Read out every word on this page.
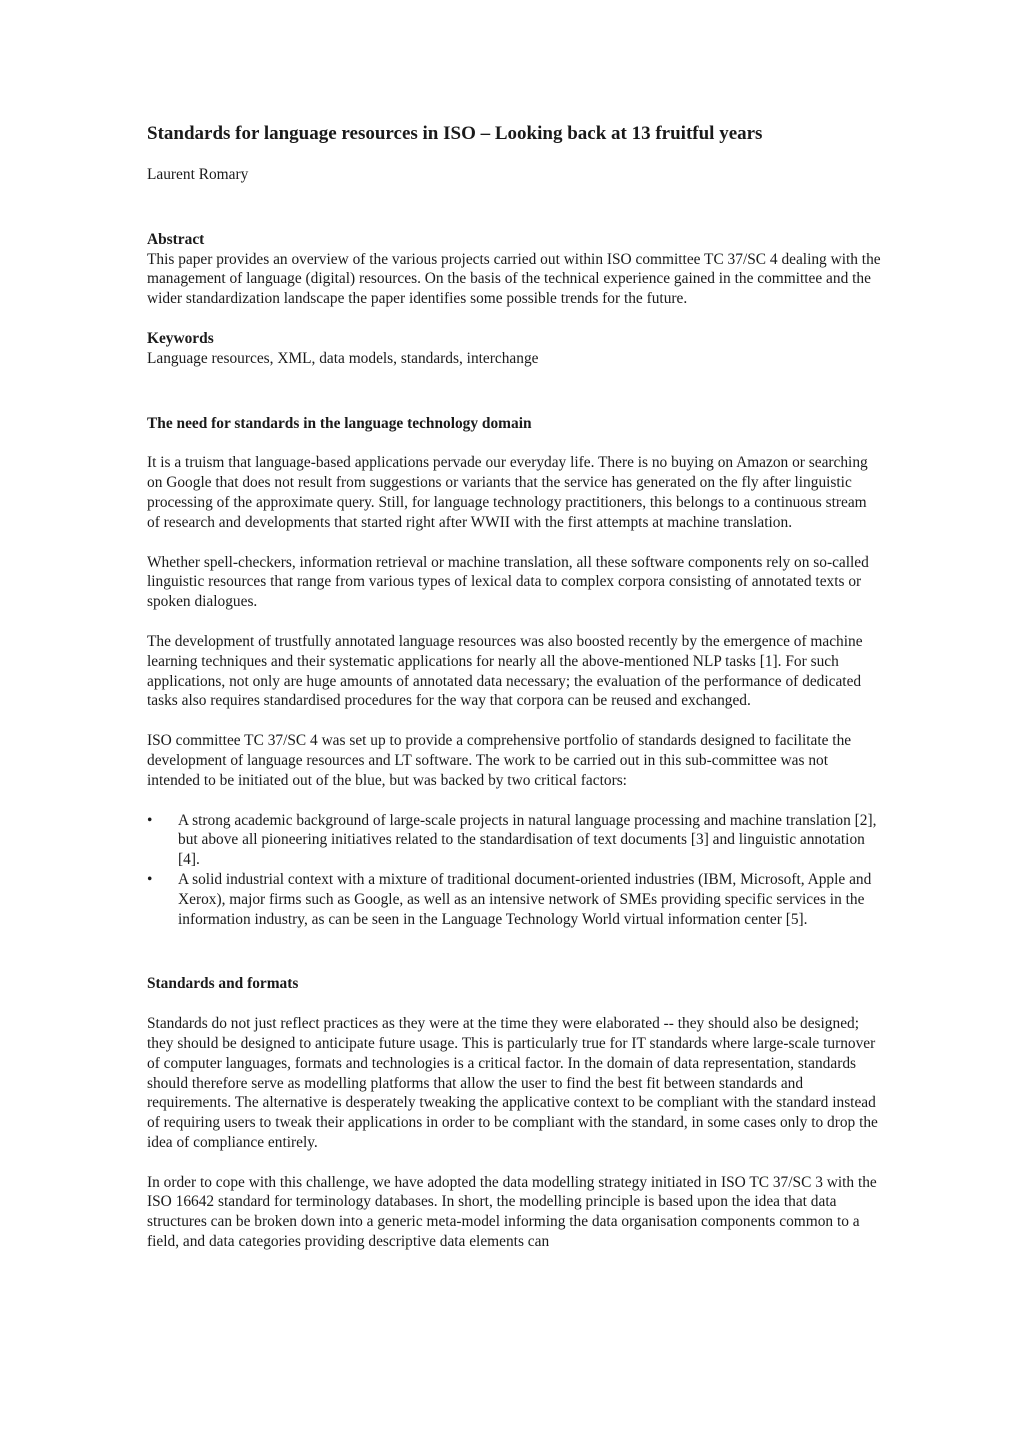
Standards for language resources in ISO – Looking back at 13 fruitful years

Laurent Romary

Abstract

This paper provides an overview of the various projects carried out within ISO committee TC 37/SC 4 dealing with the management of language (digital) resources. On the basis of the technical experience gained in the committee and the wider standardization landscape the paper identifies some possible trends for the future.

Keywords

Language resources, XML, data models, standards, interchange

The need for standards in the language technology domain

It is a truism that language-based applications pervade our everyday life. There is no buying on Amazon or searching on Google that does not result from suggestions or variants that the service has generated on the fly after linguistic processing of the approximate query. Still, for language technology practitioners, this belongs to a continuous stream of research and developments that started right after WWII with the first attempts at machine translation.

Whether spell-checkers, information retrieval or machine translation, all these software components rely on so-called linguistic resources that range from various types of lexical data to complex corpora consisting of annotated texts or spoken dialogues.

The development of trustfully annotated language resources was also boosted recently by the emergence of machine learning techniques and their systematic applications for nearly all the above-mentioned NLP tasks [1]. For such applications, not only are huge amounts of annotated data necessary; the evaluation of the performance of dedicated tasks also requires standardised procedures for the way that corpora can be reused and exchanged.

ISO committee TC 37/SC 4 was set up to provide a comprehensive portfolio of standards designed to facilitate the development of language resources and LT software. The work to be carried out in this sub-committee was not intended to be initiated out of the blue, but was backed by two critical factors:

• A strong academic background of large-scale projects in natural language processing and machine translation [2], but above all pioneering initiatives related to the standardisation of text documents [3] and linguistic annotation [4].
• A solid industrial context with a mixture of traditional document-oriented industries (IBM, Microsoft, Apple and Xerox), major firms such as Google, as well as an intensive network of SMEs providing specific services in the information industry, as can be seen in the Language Technology World virtual information center [5].

Standards and formats

Standards do not just reflect practices as they were at the time they were elaborated -- they should also be designed; they should be designed to anticipate future usage. This is particularly true for IT standards where large-scale turnover of computer languages, formats and technologies is a critical factor. In the domain of data representation, standards should therefore serve as modelling platforms that allow the user to find the best fit between standards and requirements. The alternative is desperately tweaking the applicative context to be compliant with the standard instead of requiring users to tweak their applications in order to be compliant with the standard, in some cases only to drop the idea of compliance entirely.

In order to cope with this challenge, we have adopted the data modelling strategy initiated in ISO TC 37/SC 3 with the ISO 16642 standard for terminology databases. In short, the modelling principle is based upon the idea that data structures can be broken down into a generic meta-model informing the data organisation components common to a field, and data categories providing descriptive data elements can
